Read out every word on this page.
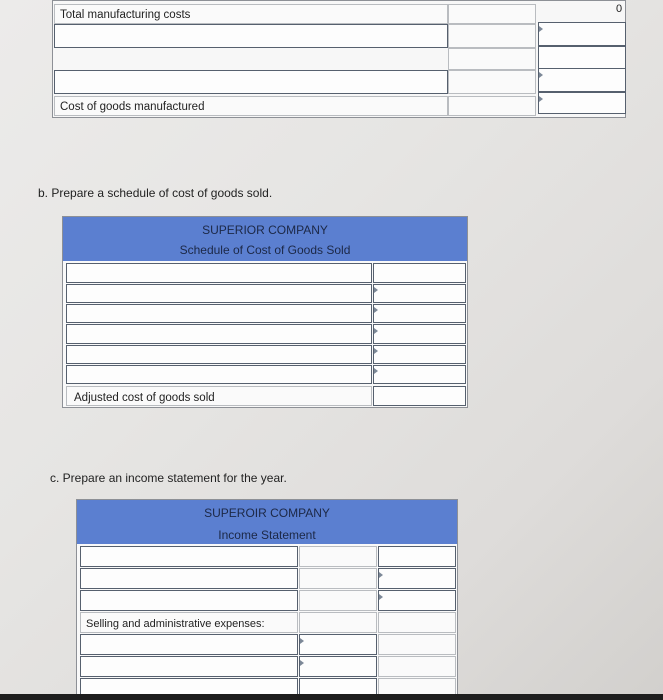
0
Total manufacturing costs
Cost of goods manufactured
b. Prepare a schedule of cost of goods sold.
SUPERIOR COMPANY
Schedule of Cost of Goods Sold
Adjusted cost of goods sold
c. Prepare an income statement for the year.
SUPEROIR COMPANY
Income Statement
Selling and administrative expenses:
